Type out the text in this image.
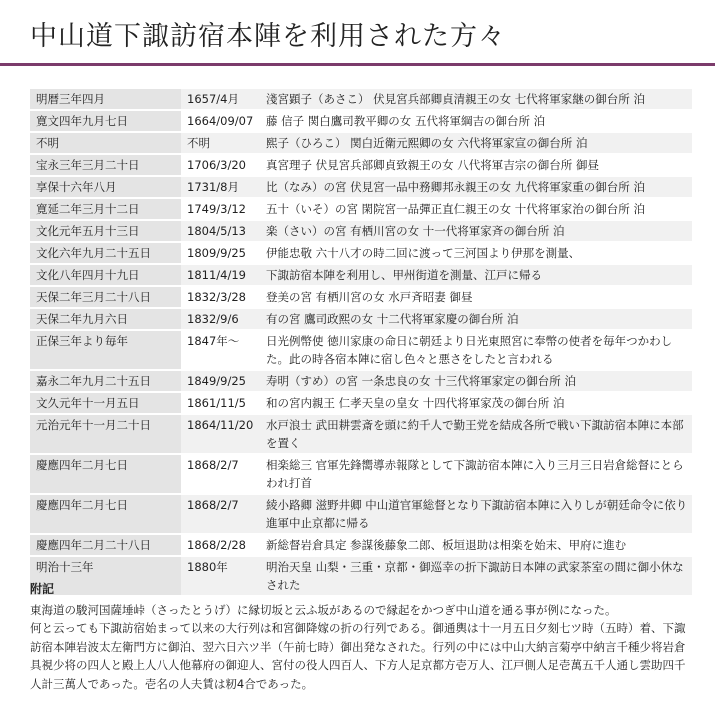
中山道下諏訪宿本陣を利用された方々
明暦三年四月	1657/4月	淺宮顕子（あさこ） 伏見宮兵部卿貞清親王の女 七代将軍家継の御台所 泊
寛文四年九月七日	1664/09/07	藤 信子 関白鷹司教平卿の女 五代将軍綱吉の御台所 泊
不明	不明	熙子（ひろこ） 関白近衛元熙卿の女 六代将軍家宣の御台所 泊
宝永三年三月二十日	1706/3/20	真宮理子 伏見宮兵部卿貞致親王の女 八代将軍吉宗の御台所 御昼
享保十六年八月	1731/8月	比（なみ）の宮 伏見宮一品中務卿邦永親王の女 九代将軍家重の御台所 泊
寛延二年三月十二日	1749/3/12	五十（いそ）の宮 閑院宮一品彈正直仁親王の女 十代将軍家治の御台所 泊
文化元年五月十三日	1804/5/13	楽（さい）の宮 有栖川宮の女 十一代将軍家斉の御台所 泊
文化六年九月二十五日	1809/9/25	伊能忠敬 六十八才の時二回に渡って三河国より伊那を測量、
文化八年四月十九日	1811/4/19	下諏訪宿本陣を利用し、甲州街道を測量、江戸に帰る
天保二年三月二十八日	1832/3/28	登美の宮 有栖川宮の女 水戸斉昭妻 御昼
天保二年九月六日	1832/9/6	有の宮 鷹司政熙の女 十二代将軍家慶の御台所 泊
正保三年より毎年	1847年〜	日光例幣使 徳川家康の命日に朝廷より日光東照宮に奉幣の使者を毎年つかわした。此の時各宿本陣に宿し色々と悪さをしたと言われる
嘉永二年九月二十五日	1849/9/25	寿明（すめ）の宮 一条忠良の女 十三代将軍家定の御台所 泊
文久元年十一月五日	1861/11/5	和の宮内親王 仁孝天皇の皇女 十四代将軍家茂の御台所 泊
元治元年十一月二十日	1864/11/20	水戸浪士 武田耕雲斎を頭に約千人で勤王党を結成各所で戦い下諏訪宿本陣に本部を置く
慶應四年二月七日	1868/2/7	相楽総三 官軍先鋒嚮導赤報隊として下諏訪宿本陣に入り三月三日岩倉総督にとらわれ打首
慶應四年二月七日	1868/2/7	綾小路卿 滋野井卿 中山道官軍総督となり下諏訪宿本陣に入りしが朝廷命令に依り進軍中止京都に帰る
慶應四年二月二十八日	1868/2/28	新総督岩倉具定 参謀後藤象二郎、板垣退助は相楽を始末、甲府に進む
明治十三年	1880年	明治天皇 山梨・三重・京都・御巡幸の折下諏訪日本陣の武家茶室の間に御小休なされた
附記

東海道の駿河国薩埵峠（さったとうげ）に縁切坂と云ふ坂があるので縁起をかつぎ中山道を通る事が例になった。

何と云っても下諏訪宿始まって以来の大行列は和宮御降嫁の折の行列である。御通輿は十一月五日夕刻七ツ時（五時）着、下諏訪宿本陣岩波太左衛門方に御泊、翌六日六ツ半（午前七時）御出発なされた。行列の中には中山大納言菊亭中納言千種少将岩倉具視少将の四人と殿上人八人他幕府の御迎人、宮付の役人四百人、下方人足京都方壱万人、江戸側人足壱萬五千人通し雲助四千人計三萬人であった。壱名の人夫賃は籾4合であった。
